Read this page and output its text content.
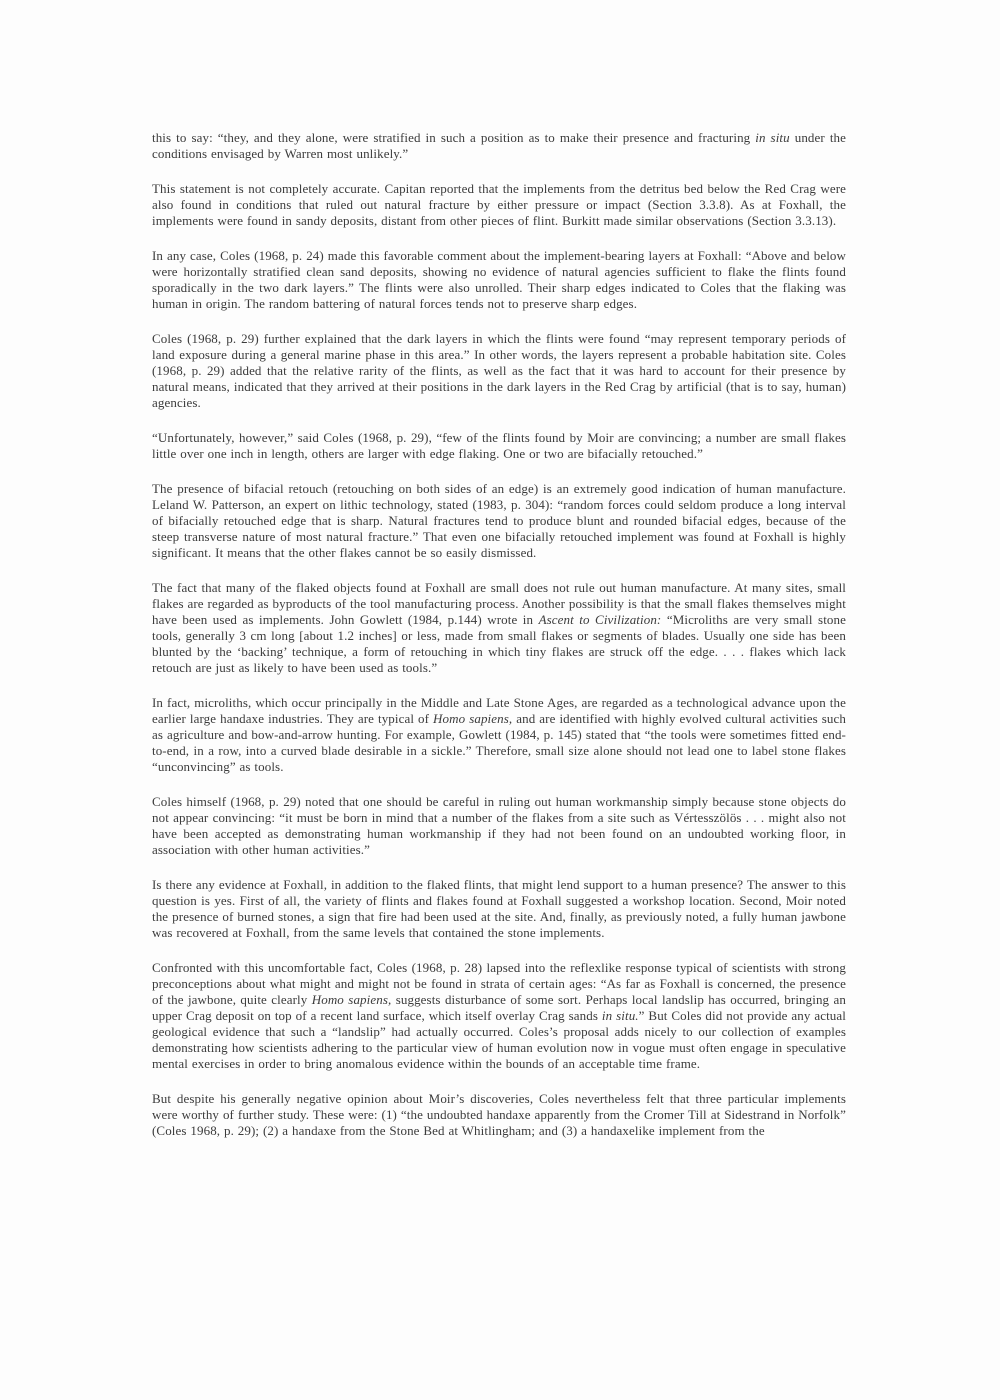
this to say: “they, and they alone, were stratified in such a position as to make their presence and fracturing in situ under the conditions envisaged by Warren most unlikely.”

This statement is not completely accurate. Capitan reported that the implements from the detritus bed below the Red Crag were also found in conditions that ruled out natural fracture by either pressure or impact (Section 3.3.8). As at Foxhall, the implements were found in sandy deposits, distant from other pieces of flint. Burkitt made similar observations (Section 3.3.13).

In any case, Coles (1968, p. 24) made this favorable comment about the implement-bearing layers at Foxhall: “Above and below were horizontally stratified clean sand deposits, showing no evidence of natural agencies sufficient to flake the flints found sporadically in the two dark layers.” The flints were also unrolled. Their sharp edges indicated to Coles that the flaking was human in origin. The random battering of natural forces tends not to preserve sharp edges.

Coles (1968, p. 29) further explained that the dark layers in which the flints were found “may represent temporary periods of land exposure during a general marine phase in this area.” In other words, the layers represent a probable habitation site. Coles (1968, p. 29) added that the relative rarity of the flints, as well as the fact that it was hard to account for their presence by natural means, indicated that they arrived at their positions in the dark layers in the Red Crag by artificial (that is to say, human) agencies.

“Unfortunately, however,” said Coles (1968, p. 29), “few of the flints found by Moir are convincing; a number are small flakes little over one inch in length, others are larger with edge flaking. One or two are bifacially retouched.”

The presence of bifacial retouch (retouching on both sides of an edge) is an extremely good indication of human manufacture. Leland W. Patterson, an expert on lithic technology, stated (1983, p. 304): “random forces could seldom produce a long interval of bifacially retouched edge that is sharp. Natural fractures tend to produce blunt and rounded bifacial edges, because of the steep transverse nature of most natural fracture.” That even one bifacially retouched implement was found at Foxhall is highly significant. It means that the other flakes cannot be so easily dismissed.

The fact that many of the flaked objects found at Foxhall are small does not rule out human manufacture. At many sites, small flakes are regarded as byproducts of the tool manufacturing process. Another possibility is that the small flakes themselves might have been used as implements. John Gowlett (1984, p.144) wrote in Ascent to Civilization: “Microliths are very small stone tools, generally 3 cm long [about 1.2 inches] or less, made from small flakes or segments of blades. Usually one side has been blunted by the ‘backing’ technique, a form of retouching in which tiny flakes are struck off the edge. . . . flakes which lack retouch are just as likely to have been used as tools.”

In fact, microliths, which occur principally in the Middle and Late Stone Ages, are regarded as a technological advance upon the earlier large handaxe industries. They are typical of Homo sapiens, and are identified with highly evolved cultural activities such as agriculture and bow-and-arrow hunting. For example, Gowlett (1984, p. 145) stated that “the tools were sometimes fitted end-to-end, in a row, into a curved blade desirable in a sickle.” Therefore, small size alone should not lead one to label stone flakes “unconvincing” as tools.

Coles himself (1968, p. 29) noted that one should be careful in ruling out human workmanship simply because stone objects do not appear convincing: “it must be born in mind that a number of the flakes from a site such as Vértesszölös . . . might also not have been accepted as demonstrating human workmanship if they had not been found on an undoubted working floor, in association with other human activities.”

Is there any evidence at Foxhall, in addition to the flaked flints, that might lend support to a human presence? The answer to this question is yes. First of all, the variety of flints and flakes found at Foxhall suggested a workshop location. Second, Moir noted the presence of burned stones, a sign that fire had been used at the site. And, finally, as previously noted, a fully human jawbone was recovered at Foxhall, from the same levels that contained the stone implements.

Confronted with this uncomfortable fact, Coles (1968, p. 28) lapsed into the reflexlike response typical of scientists with strong preconceptions about what might and might not be found in strata of certain ages: “As far as Foxhall is concerned, the presence of the jawbone, quite clearly Homo sapiens, suggests disturbance of some sort. Perhaps local landslip has occurred, bringing an upper Crag deposit on top of a recent land surface, which itself overlay Crag sands in situ.” But Coles did not provide any actual geological evidence that such a “landslip” had actually occurred. Coles’s proposal adds nicely to our collection of examples demonstrating how scientists adhering to the particular view of human evolution now in vogue must often engage in speculative mental exercises in order to bring anomalous evidence within the bounds of an acceptable time frame.

But despite his generally negative opinion about Moir’s discoveries, Coles nevertheless felt that three particular implements were worthy of further study. These were: (1) “the undoubted handaxe apparently from the Cromer Till at Sidestrand in Norfolk” (Coles 1968, p. 29); (2) a handaxe from the Stone Bed at Whitlingham; and (3) a handaxelike implement from the
